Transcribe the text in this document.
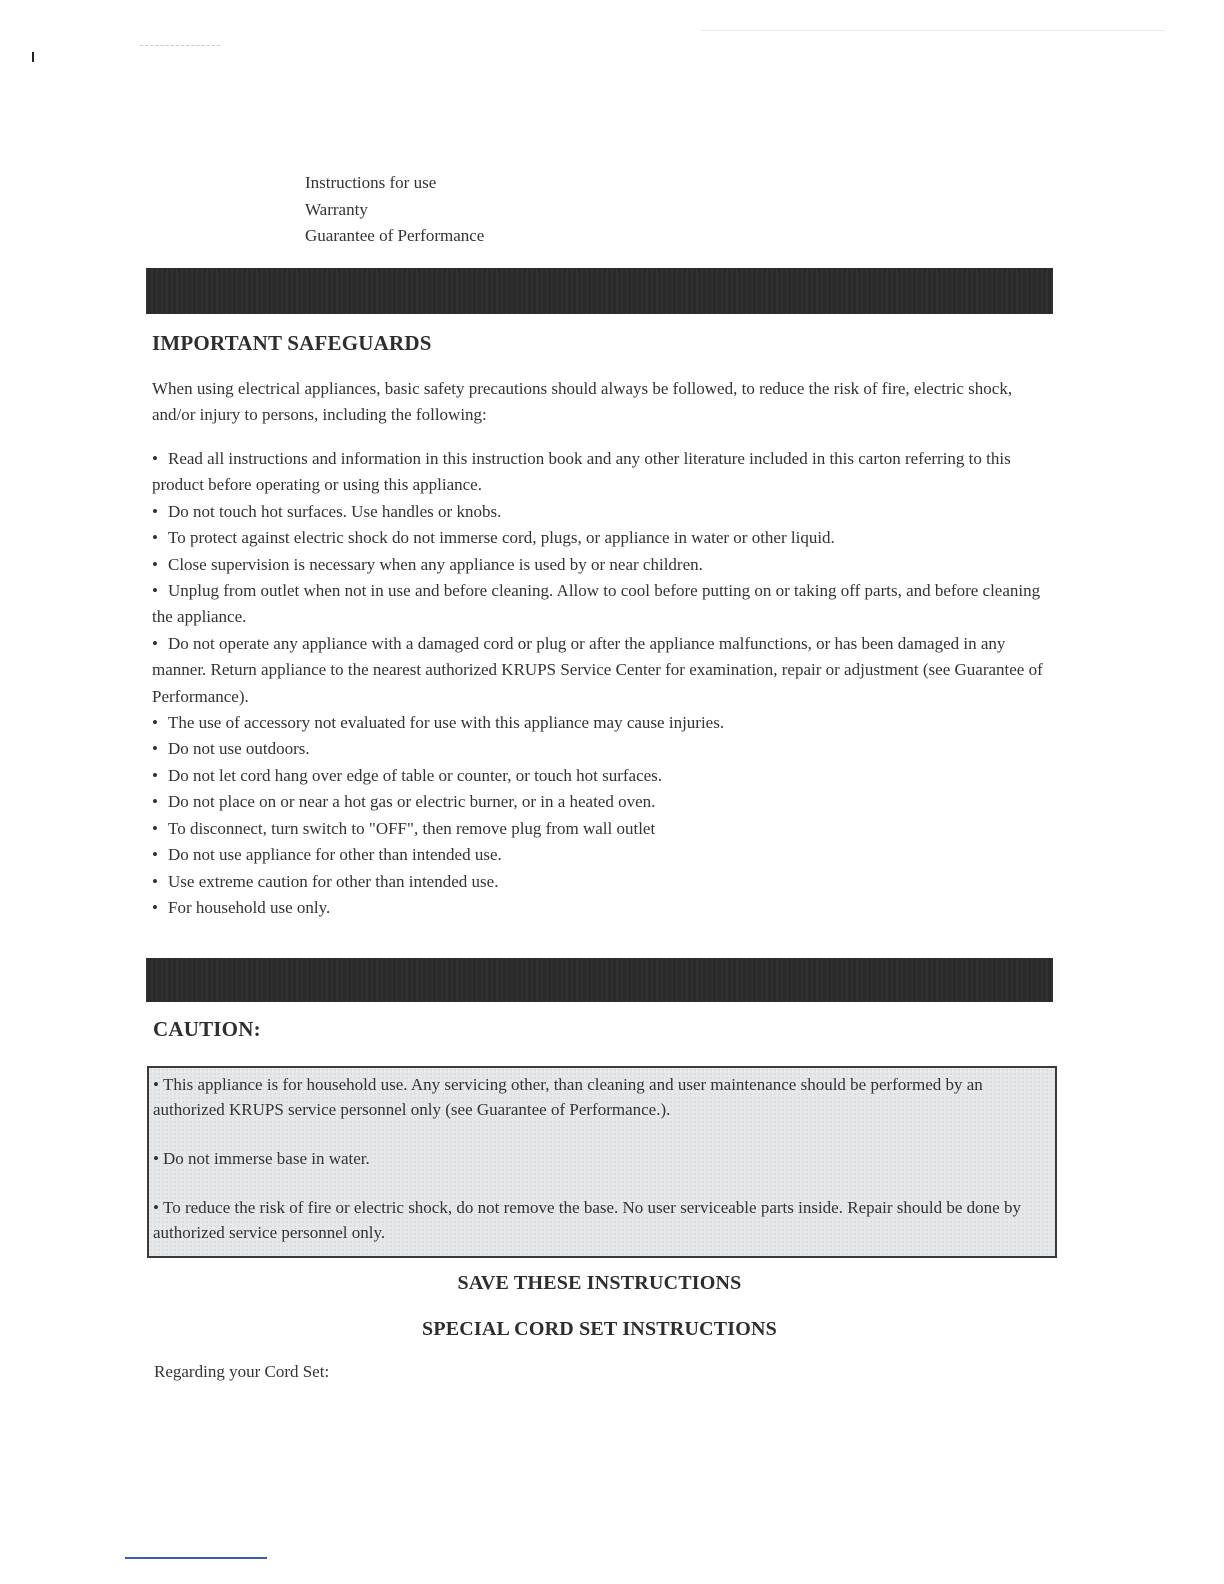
Instructions for use
Warranty
Guarantee of Performance
IMPORTANT SAFEGUARDS
When using electrical appliances, basic safety precautions should always be followed, to reduce the risk of fire, electric shock, and/or injury to persons, including the following:
• Read all instructions and information in this instruction book and any other literature included in this carton referring to this product before operating or using this appliance.
• Do not touch hot surfaces. Use handles or knobs.
• To protect against electric shock do not immerse cord, plugs, or appliance in water or other liquid.
• Close supervision is necessary when any appliance is used by or near children.
• Unplug from outlet when not in use and before cleaning. Allow to cool before putting on or taking off parts, and before cleaning the appliance.
• Do not operate any appliance with a damaged cord or plug or after the appliance malfunctions, or has been damaged in any manner. Return appliance to the nearest authorized KRUPS Service Center for examination, repair or adjustment (see Guarantee of Performance).
• The use of accessory not evaluated for use with this appliance may cause injuries.
• Do not use outdoors.
• Do not let cord hang over edge of table or counter, or touch hot surfaces.
• Do not place on or near a hot gas or electric burner, or in a heated oven.
• To disconnect, turn switch to "OFF", then remove plug from wall outlet
• Do not use appliance for other than intended use.
• Use extreme caution for other than intended use.
• For household use only.
CAUTION:

• This appliance is for household use. Any servicing other, than cleaning and user maintenance should be performed by an authorized KRUPS service personnel only (see Guarantee of Performance.).

• Do not immerse base in water.

• To reduce the risk of fire or electric shock, do not remove the base. No user serviceable parts inside. Repair should be done by authorized service personnel only.

SAVE THESE INSTRUCTIONS
SPECIAL CORD SET INSTRUCTIONS
Regarding your Cord Set:
